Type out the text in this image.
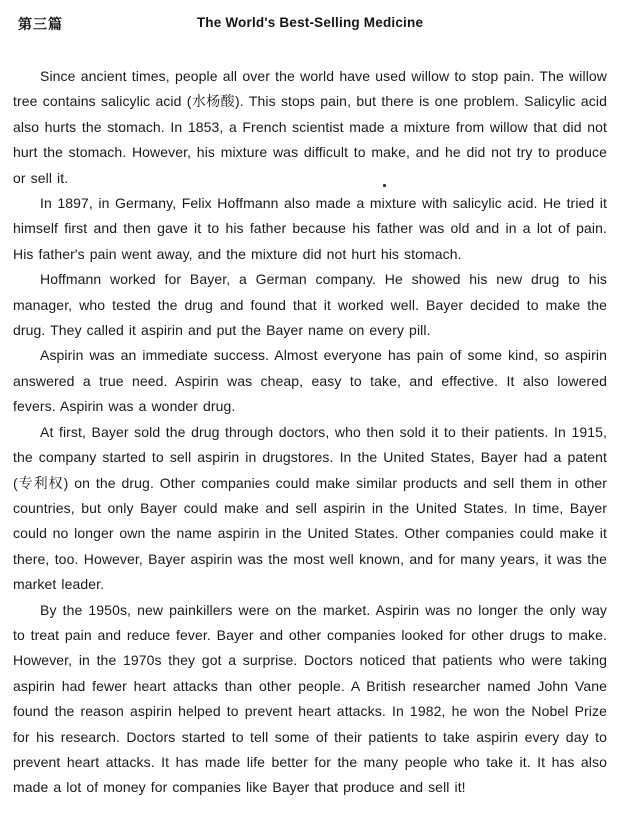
第三篇	The World's Best-Selling Medicine

Since ancient times, people all over the world have used willow to stop pain. The willow tree contains salicylic acid (水杨酸). This stops pain, but there is one problem. Salicylic acid also hurts the stomach. In 1853, a French scientist made a mixture from willow that did not hurt the stomach. However, his mixture was difficult to make, and he did not try to produce or sell it.

In 1897, in Germany, Felix Hoffmann also made a mixture with salicylic acid. He tried it himself first and then gave it to his father because his father was old and in a lot of pain. His father's pain went away, and the mixture did not hurt his stomach.

Hoffmann worked for Bayer, a German company. He showed his new drug to his manager, who tested the drug and found that it worked well. Bayer decided to make the drug. They called it aspirin and put the Bayer name on every pill.

Aspirin was an immediate success. Almost everyone has pain of some kind, so aspirin answered a true need. Aspirin was cheap, easy to take, and effective. It also lowered fevers. Aspirin was a wonder drug.

At first, Bayer sold the drug through doctors, who then sold it to their patients. In 1915, the company started to sell aspirin in drugstores. In the United States, Bayer had a patent (专利权) on the drug. Other companies could make similar products and sell them in other countries, but only Bayer could make and sell aspirin in the United States. In time, Bayer could no longer own the name aspirin in the United States. Other companies could make it there, too. However, Bayer aspirin was the most well known, and for many years, it was the market leader.

By the 1950s, new painkillers were on the market. Aspirin was no longer the only way to treat pain and reduce fever. Bayer and other companies looked for other drugs to make. However, in the 1970s they got a surprise. Doctors noticed that patients who were taking aspirin had fewer heart attacks than other people. A British researcher named John Vane found the reason aspirin helped to prevent heart attacks. In 1982, he won the Nobel Prize for his research. Doctors started to tell some of their patients to take aspirin every day to prevent heart attacks. It has made life better for the many people who take it. It has also made a lot of money for companies like Bayer that produce and sell it!
